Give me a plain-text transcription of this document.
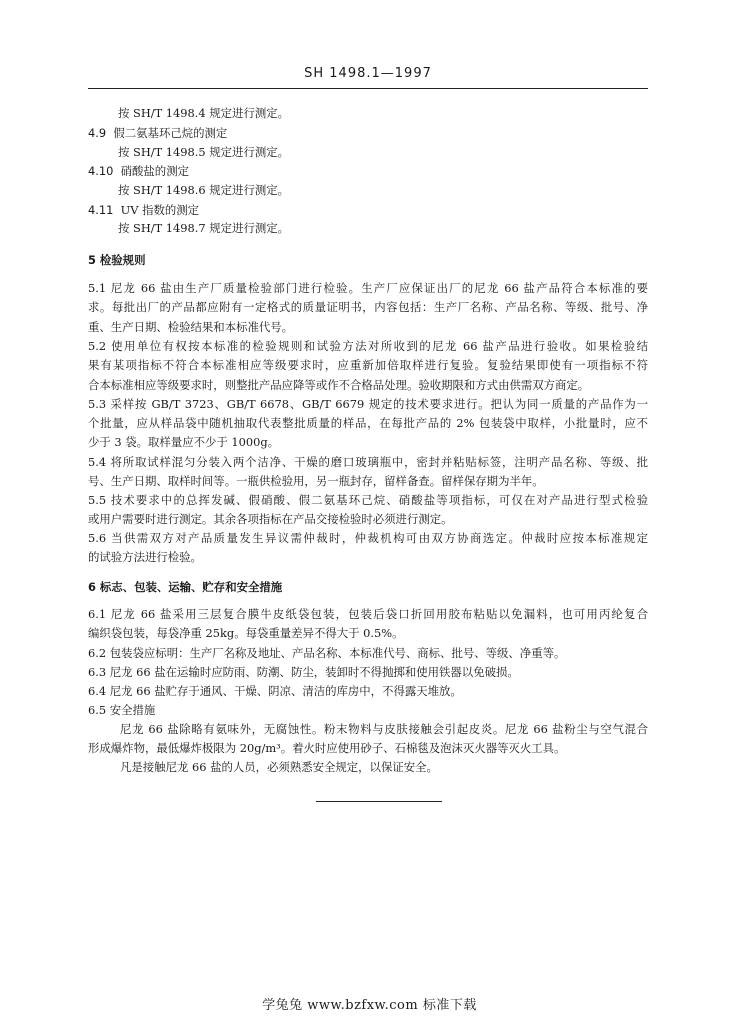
SH 1498.1—1997
按 SH/T 1498.4 规定进行测定。
4.9 假二氨基环己烷的测定
按 SH/T 1498.5 规定进行测定。
4.10 硝酸盐的测定
按 SH/T 1498.6 规定进行测定。
4.11 UV 指数的测定
按 SH/T 1498.7 规定进行测定。
5 检验规则
5.1 尼龙 66 盐由生产厂质量检验部门进行检验。生产厂应保证出厂的尼龙 66 盐产品符合本标准的要
求。每批出厂的产品都应附有一定格式的质量证明书，内容包括：生产厂名称、产品名称、等级、批号、净
重、生产日期、检验结果和本标准代号。
5.2 使用单位有权按本标准的检验规则和试验方法对所收到的尼龙 66 盐产品进行验收。如果检验结
果有某项指标不符合本标准相应等级要求时，应重新加倍取样进行复验。复验结果即使有一项指标不符
合本标准相应等级要求时，则整批产品应降等或作不合格品处理。验收期限和方式由供需双方商定。
5.3 采样按 GB/T 3723、GB/T 6678、GB/T 6679 规定的技术要求进行。把认为同一质量的产品作为一
个批量，应从样品袋中随机抽取代表整批质量的样品，在每批产品的 2% 包装袋中取样，小批量时，应不
少于 3 袋。取样量应不少于 1000g。
5.4 将所取试样混匀分装入两个洁净、干燥的磨口玻璃瓶中，密封并粘贴标签，注明产品名称、等级、批
号、生产日期、取样时间等。一瓶供检验用，另一瓶封存，留样备查。留样保存期为半年。
5.5 技术要求中的总挥发碱、假硝酸、假二氨基环己烷、硝酸盐等项指标，可仅在对产品进行型式检验
或用户需要时进行测定。其余各项指标在产品交接检验时必须进行测定。
5.6 当供需双方对产品质量发生异议需仲裁时，仲裁机构可由双方协商选定。仲裁时应按本标准规定
的试验方法进行检验。
6 标志、包装、运输、贮存和安全措施
6.1 尼龙 66 盐采用三层复合膜牛皮纸袋包装，包装后袋口折回用胶布粘贴以免漏料，也可用丙纶复合
编织袋包装，每袋净重 25kg。每袋重量差异不得大于 0.5%。
6.2 包装袋应标明：生产厂名称及地址、产品名称、本标准代号、商标、批号、等级、净重等。
6.3 尼龙 66 盐在运输时应防雨、防潮、防尘，装卸时不得抛掷和使用铁器以免破损。
6.4 尼龙 66 盐贮存于通风、干燥、阴凉、清洁的库房中，不得露天堆放。
6.5 安全措施
尼龙 66 盐除略有氨味外，无腐蚀性。粉末物料与皮肤接触会引起皮炎。尼龙 66 盐粉尘与空气混合
形成爆炸物，最低爆炸极限为 20g/m³。着火时应使用砂子、石棉毯及泡沫灭火器等灭火工具。
凡是接触尼龙 66 盐的人员，必须熟悉安全规定，以保证安全。
学兔兔 www.bzfxw.com 标准下载
